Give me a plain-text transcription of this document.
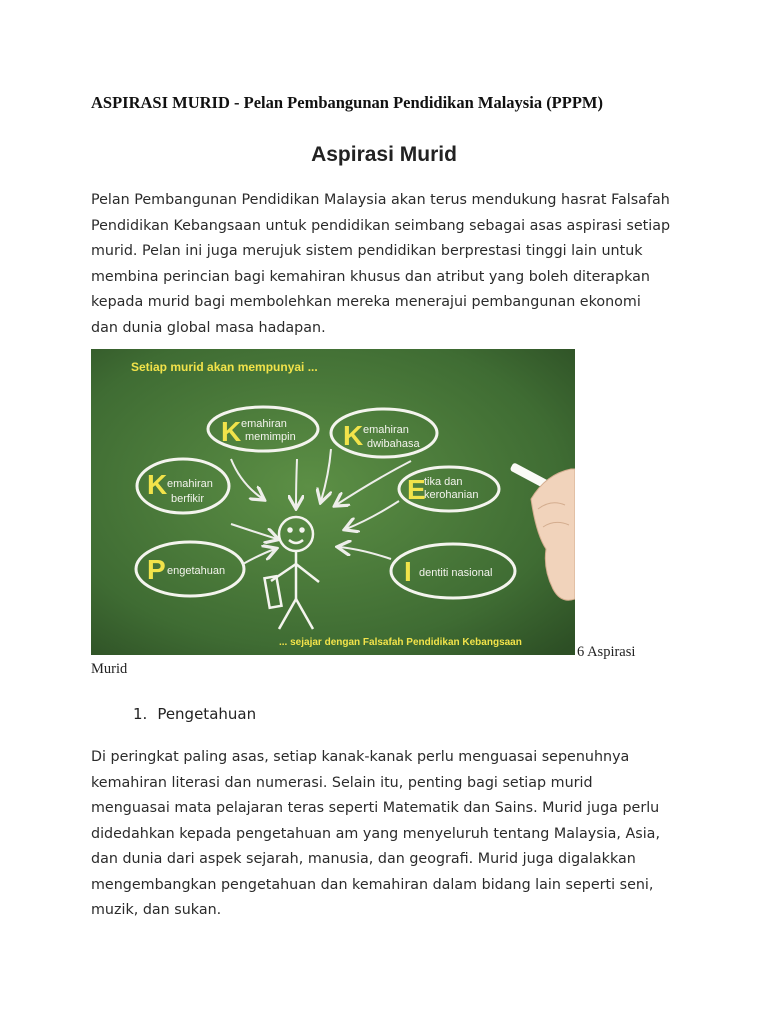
ASPIRASI MURID - Pelan Pembangunan Pendidikan Malaysia (PPPM)
Aspirasi Murid
Pelan Pembangunan Pendidikan Malaysia akan terus mendukung hasrat Falsafah
Pendidikan Kebangsaan untuk pendidikan seimbang sebagai asas aspirasi setiap
murid. Pelan ini juga merujuk sistem pendidikan berprestasi tinggi lain untuk
membina perincian bagi kemahiran khusus dan atribut yang boleh diterapkan
kepada murid bagi membolehkan mereka menerajui pembangunan ekonomi
dan dunia global masa hadapan.
Setiap murid akan mempunyai ...
K emahiran
memimpin K emahiran
dwibahasa
K emahiran
berfikir	E
tika dan
kerohanian
P engetahuan	I dentiti nasional
... sejajar dengan Falsafah Pendidikan Kebangsaan
6 Aspirasi
Murid
1. Pengetahuan
Di peringkat paling asas, setiap kanak-kanak perlu menguasai sepenuhnya
kemahiran literasi dan numerasi. Selain itu, penting bagi setiap murid
menguasai mata pelajaran teras seperti Matematik dan Sains. Murid juga perlu
didedahkan kepada pengetahuan am yang menyeluruh tentang Malaysia, Asia,
dan dunia dari aspek sejarah, manusia, dan geografi. Murid juga digalakkan
mengembangkan pengetahuan dan kemahiran dalam bidang lain seperti seni,
muzik, dan sukan.
